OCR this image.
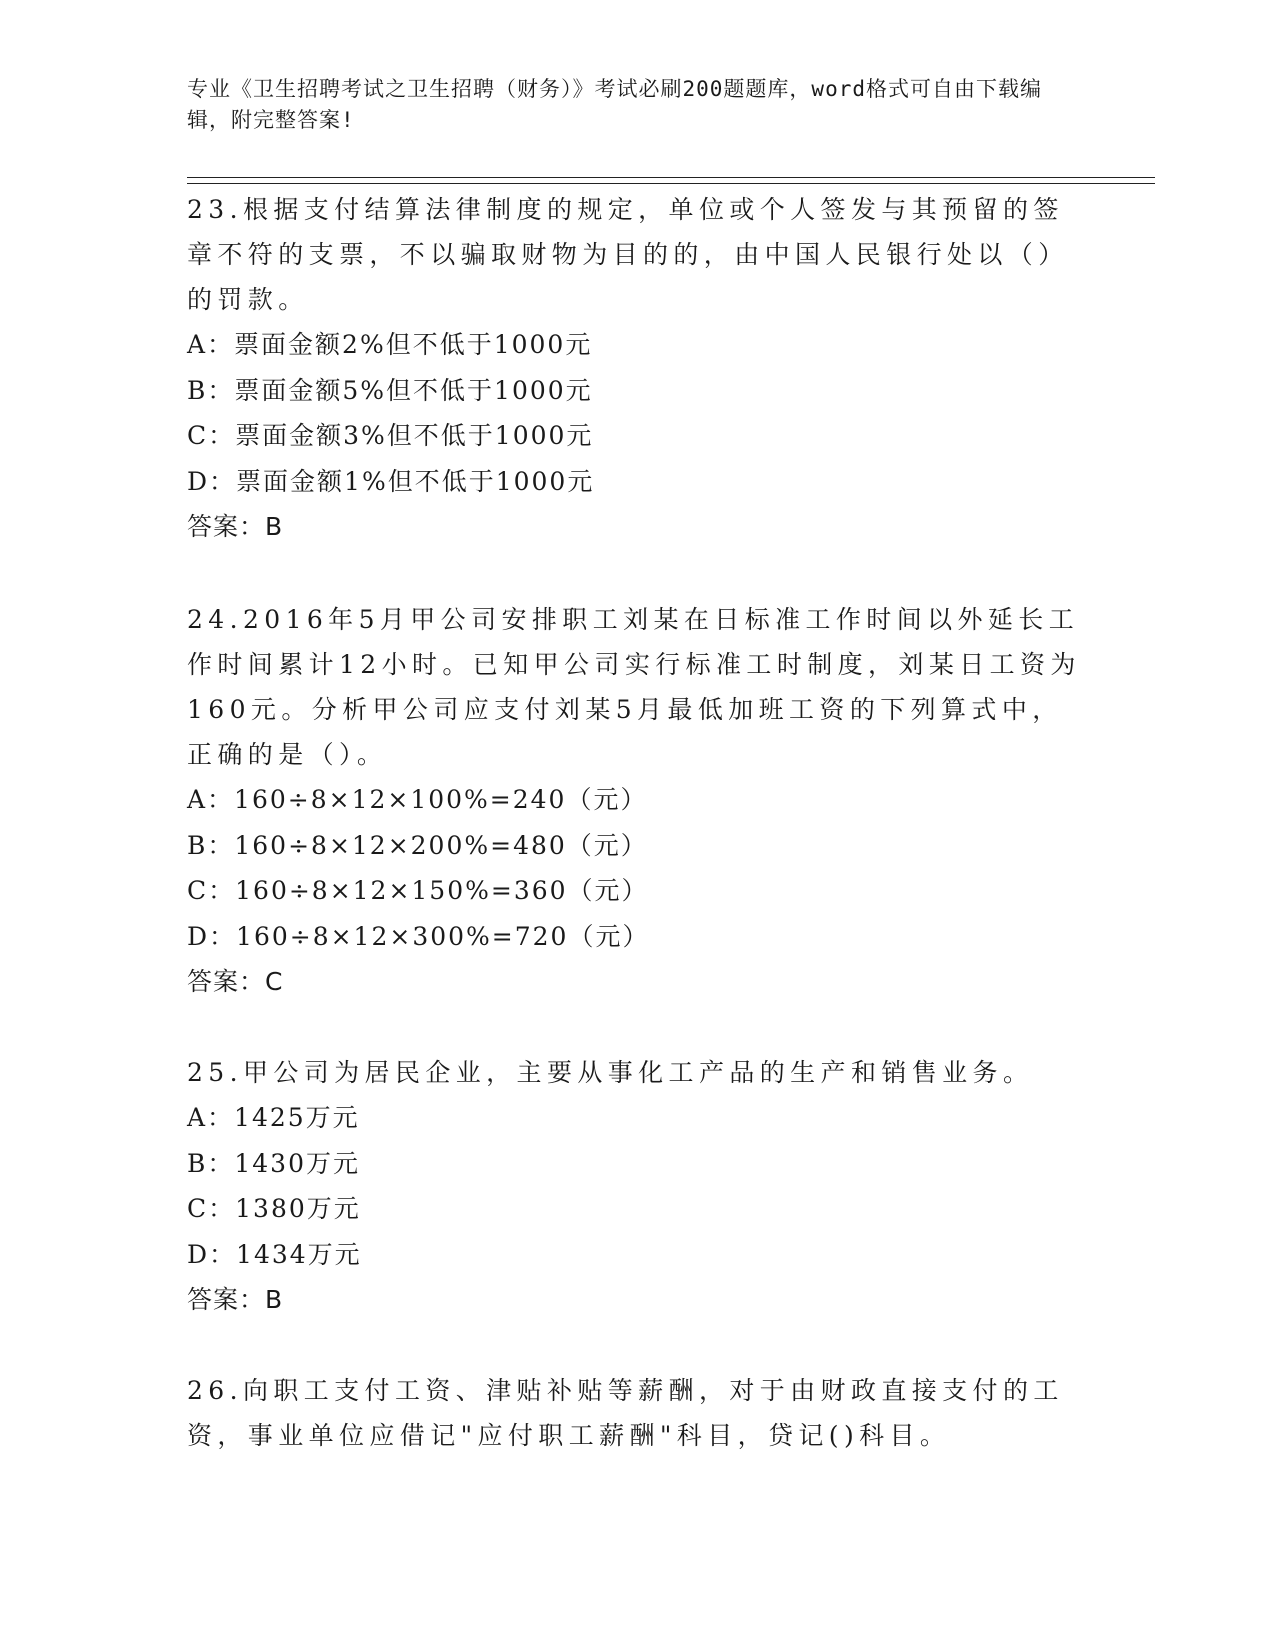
专业《卫生招聘考试之卫生招聘（财务）》考试必刷200题题库，word格式可自由下载编辑，附完整答案!

23.根据支付结算法律制度的规定，单位或个人签发与其预留的签章不符的支票，不以骗取财物为目的的，由中国人民银行处以（）的罚款。

A：票面金额2%但不低于1000元

B：票面金额5%但不低于1000元

C：票面金额3%但不低于1000元

D：票面金额1%但不低于1000元

答案：B

24.2016年5月甲公司安排职工刘某在日标准工作时间以外延长工作时间累计12小时。已知甲公司实行标准工时制度，刘某日工资为160元。分析甲公司应支付刘某5月最低加班工资的下列算式中，正确的是（）。

A：160÷8×12×100%=240（元）

B：160÷8×12×200%=480（元）

C：160÷8×12×150%=360（元）

D：160÷8×12×300%=720（元）

答案：C

25.甲公司为居民企业，主要从事化工产品的生产和销售业务。

A：1425万元

B：1430万元

C：1380万元

D：1434万元

答案：B

26.向职工支付工资、津贴补贴等薪酬，对于由财政直接支付的工资，事业单位应借记"应付职工薪酬"科目，贷记()科目。
